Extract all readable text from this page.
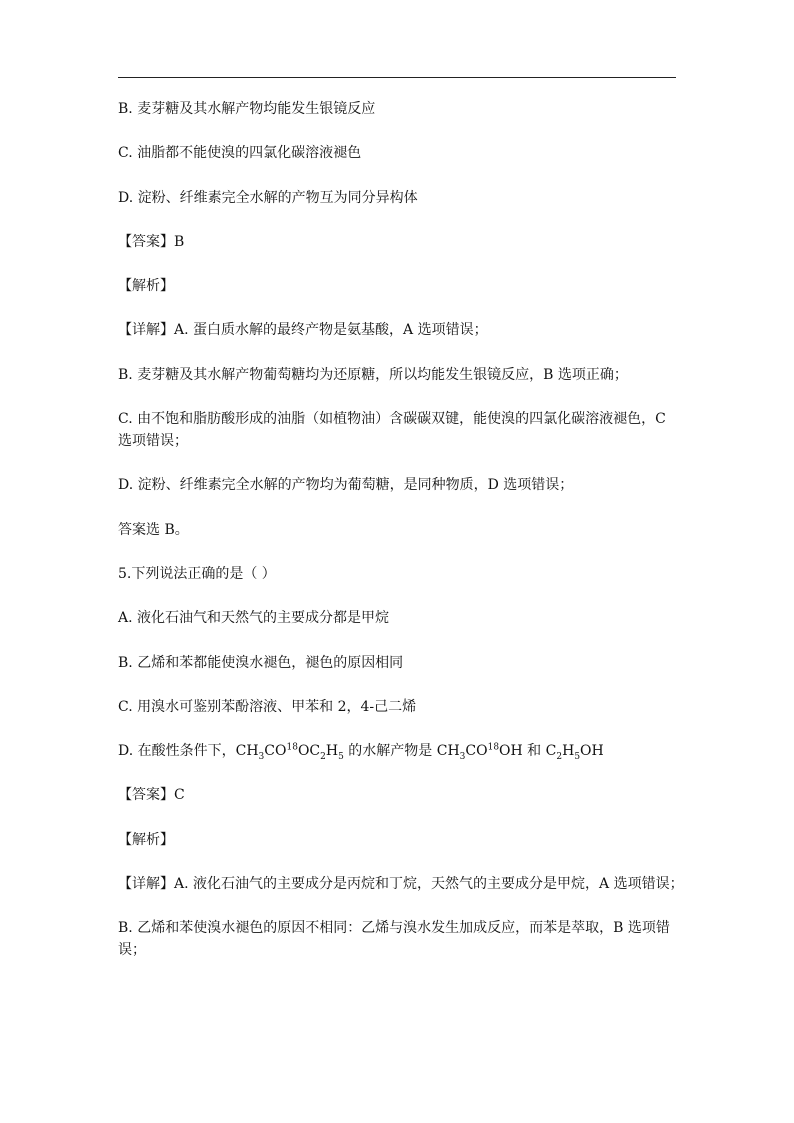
B. 麦芽糖及其水解产物均能发生银镜反应
C. 油脂都不能使溴的四氯化碳溶液褪色
D. 淀粉、纤维素完全水解的产物互为同分异构体
【答案】B
【解析】
【详解】A. 蛋白质水解的最终产物是氨基酸，A 选项错误；
B. 麦芽糖及其水解产物葡萄糖均为还原糖，所以均能发生银镜反应，B 选项正确；
C. 由不饱和脂肪酸形成的油脂（如植物油）含碳碳双键，能使溴的四氯化碳溶液褪色，C
选项错误；
D. 淀粉、纤维素完全水解的产物均为葡萄糖，是同种物质，D 选项错误；
答案选 B。
5.下列说法正确的是（ ）
A. 液化石油气和天然气的主要成分都是甲烷
B. 乙烯和苯都能使溴水褪色，褪色的原因相同
C. 用溴水可鉴别苯酚溶液、甲苯和 2，4-己二烯
D. 在酸性条件下，$CH_3CO^{18}OC_2H_5$ 的水解产物是 $CH_3CO^{18}OH$ 和 $C_2H_5OH$
【答案】C
【解析】
【详解】A. 液化石油气的主要成分是丙烷和丁烷，天然气的主要成分是甲烷，A 选项错误；
B. 乙烯和苯使溴水褪色的原因不相同：乙烯与溴水发生加成反应，而苯是萃取，B 选项错
误；
